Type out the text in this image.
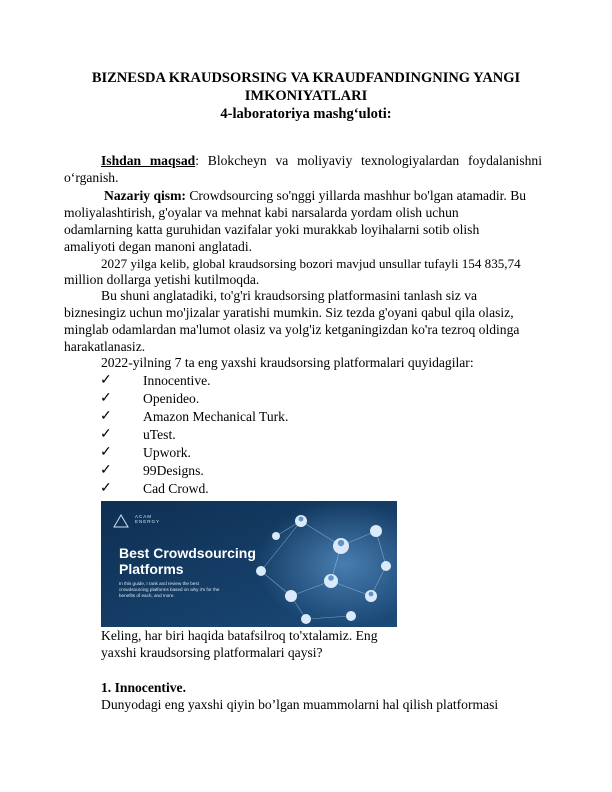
BIZNESDA KRAUDSORSING VA KRAUDFANDINGNING YANGI
IMKONIYATLARI
4-laboratoriya mashg‘uloti:
Ishdan maqsad: Blokcheyn va moliyaviy texnologiyalardan foydalanishni
o‘rganish.
Nazariy qism: Crowdsourcing so'nggi yillarda mashhur bo'lgan atamadir. Bu
moliyalashtirish, g'oyalar va mehnat kabi narsalarda yordam olish uchun
odamlarning katta guruhidan vazifalar yoki murakkab loyihalarni sotib olish
amaliyoti degan manoni anglatadi.
2027 yilga kelib, global kraudsorsing bozori mavjud unsullar tufayli 154 835,74
million dollarga yetishi kutilmoqda.
Bu shuni anglatadiki, to'g'ri kraudsorsing platformasini tanlash siz va
biznesingiz uchun mo'jizalar yaratishi mumkin. Siz tezda g'oyani qabul qila olasiz,
minglab odamlardan ma'lumot olasiz va yolg'iz ketganingizdan ko'ra tezroq oldinga
harakatlanasiz.
2022-yilning 7 ta eng yaxshi kraudsorsing platformalari quyidagilar:
✓ Innocentive.
✓ Openideo.
✓ Amazon Mechanical Turk.
✓ uTest.
✓ Upwork.
✓ 99Designs.
✓ Cad Crowd.
ACAM
ENERGY
Best Crowdsourcing
Platforms
In this guide, I rank and review the best crowdsourcing platforms based on why it's for the benefits of each, and more.
Keling, har biri haqida batafsilroq to'xtalamiz. Eng
yaxshi kraudsorsing platformalari qaysi?
1. Innocentive.
Dunyodagi eng yaxshi qiyin bo’lgan muammolarni hal qilish platformasi
